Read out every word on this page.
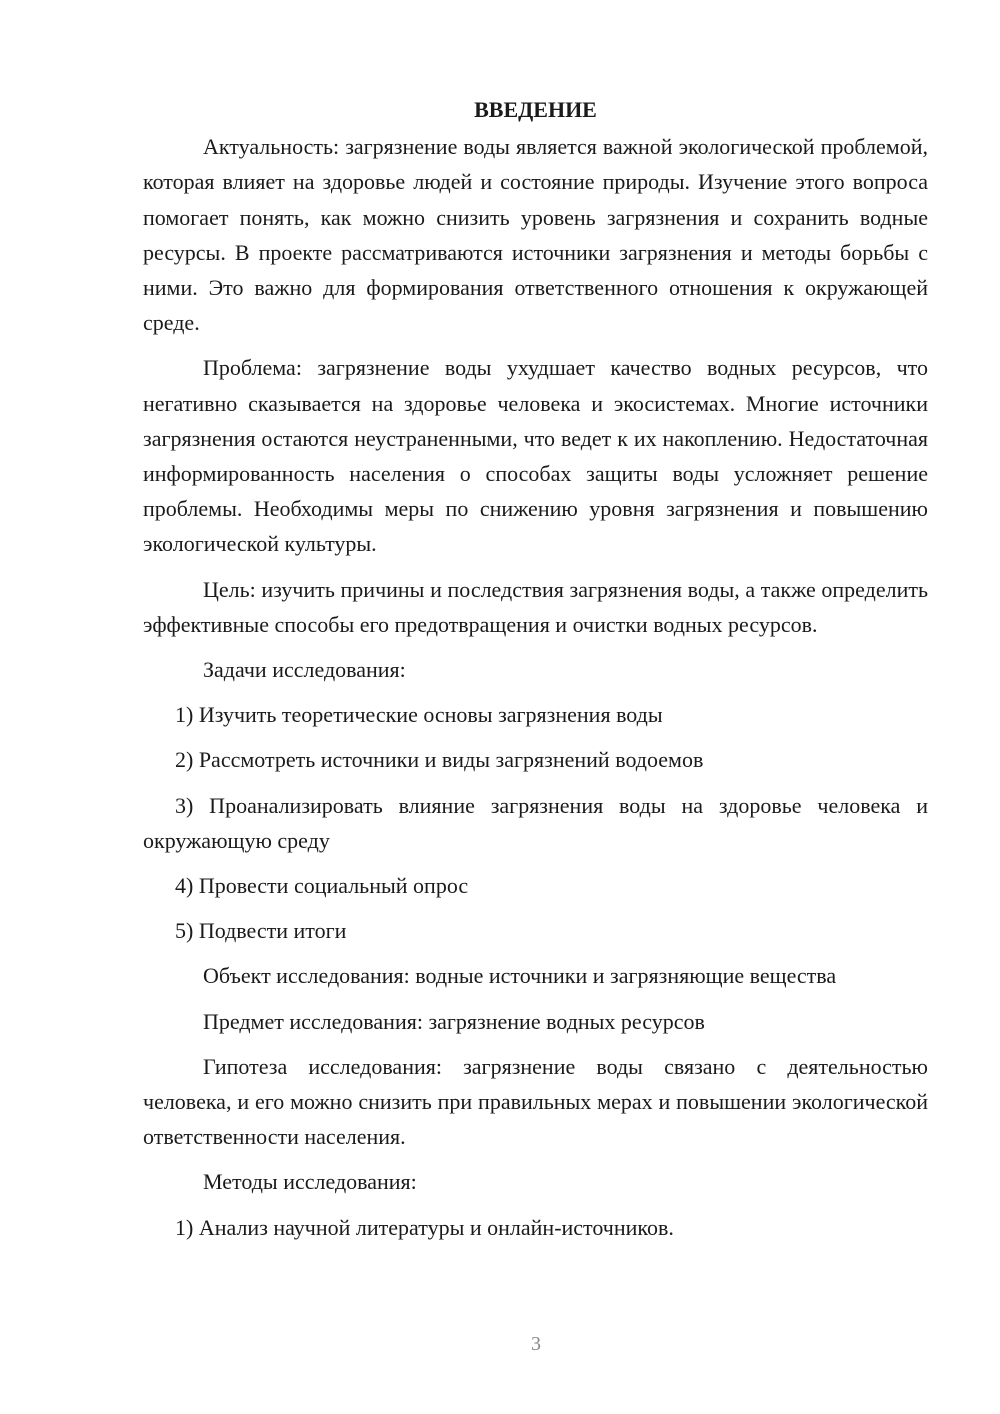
ВВЕДЕНИЕ

Актуальность: загрязнение воды является важной экологической проблемой, которая влияет на здоровье людей и состояние природы. Изучение этого вопроса помогает понять, как можно снизить уровень загрязнения и сохранить водные ресурсы. В проекте рассматриваются источники загрязнения и методы борьбы с ними. Это важно для формирования ответственного отношения к окружающей среде.

Проблема: загрязнение воды ухудшает качество водных ресурсов, что негативно сказывается на здоровье человека и экосистемах. Многие источники загрязнения остаются неустраненными, что ведет к их накоплению. Недостаточная информированность населения о способах защиты воды усложняет решение проблемы. Необходимы меры по снижению уровня загрязнения и повышению экологической культуры.

Цель: изучить причины и последствия загрязнения воды, а также определить эффективные способы его предотвращения и очистки водных ресурсов.

Задачи исследования:

1) Изучить теоретические основы загрязнения воды

2) Рассмотреть источники и виды загрязнений водоемов

3) Проанализировать влияние загрязнения воды на здоровье человека и окружающую среду

4) Провести социальный опрос

5) Подвести итоги

Объект исследования: водные источники и загрязняющие вещества

Предмет исследования: загрязнение водных ресурсов

Гипотеза исследования: загрязнение воды связано с деятельностью человека, и его можно снизить при правильных мерах и повышении экологической ответственности населения.

Методы исследования:

1) Анализ научной литературы и онлайн-источников.

3
